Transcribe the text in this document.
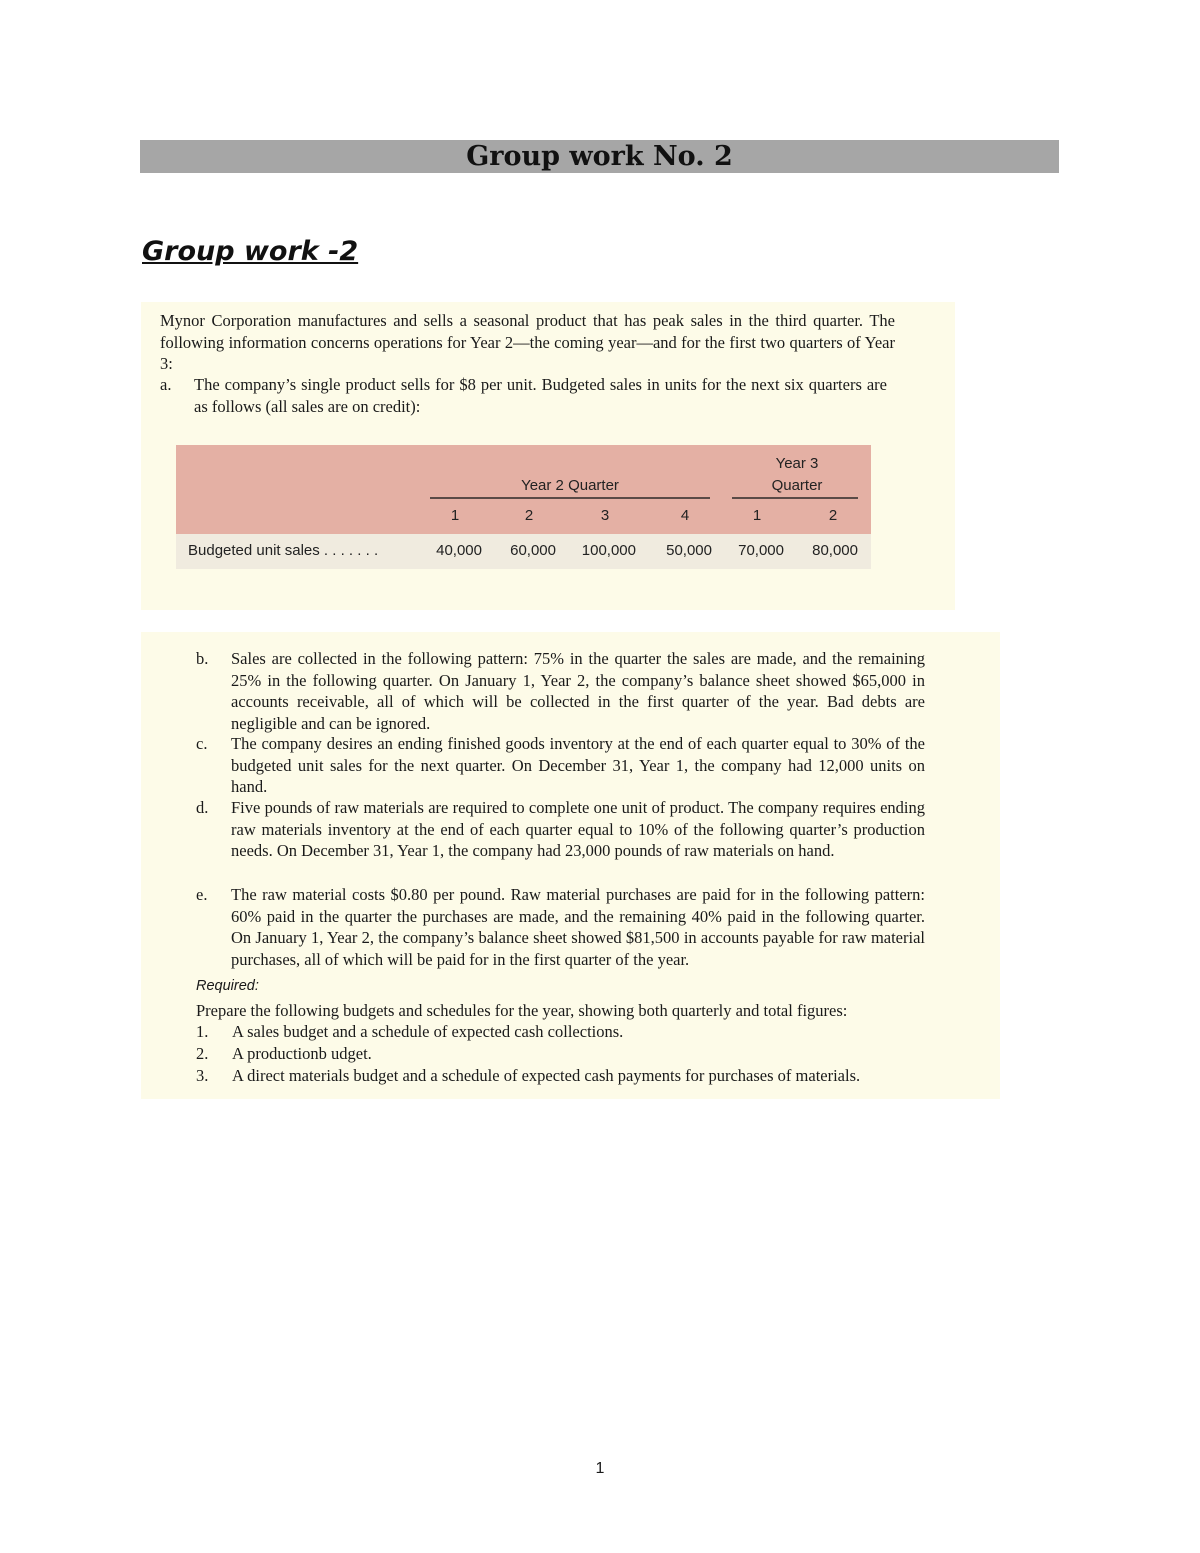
Group work No. 2
Group work -2
Mynor Corporation manufactures and sells a seasonal product that has peak sales in the third quarter. The following information concerns operations for Year 2—the coming year—and for the first two quarters of Year 3:
a. The company’s single product sells for $8 per unit. Budgeted sales in units for the next six quarters are as follows (all sales are on credit):
Year 3
Quarter
Year 2 Quarter
1	2	3	4	1	2
Budgeted unit sales . . . . . . .	40,000	60,000	100,000	50,000	70,000	80,000
b. Sales are collected in the following pattern: 75% in the quarter the sales are made, and the remaining 25% in the following quarter. On January 1, Year 2, the company’s balance sheet showed $65,000 in accounts receivable, all of which will be collected in the first quarter of the year. Bad debts are negligible and can be ignored.
c. The company desires an ending finished goods inventory at the end of each quarter equal to 30% of the budgeted unit sales for the next quarter. On December 31, Year 1, the company had 12,000 units on hand.
d. Five pounds of raw materials are required to complete one unit of product. The company requires ending raw materials inventory at the end of each quarter equal to 10% of the following quarter’s production needs. On December 31, Year 1, the company had 23,000 pounds of raw materials on hand.
e. The raw material costs $0.80 per pound. Raw material purchases are paid for in the following pattern: 60% paid in the quarter the purchases are made, and the remaining 40% paid in the following quarter. On January 1, Year 2, the company’s balance sheet showed $81,500 in accounts payable for raw material purchases, all of which will be paid for in the first quarter of the year.
Required:
Prepare the following budgets and schedules for the year, showing both quarterly and total figures:
1. A sales budget and a schedule of expected cash collections.
2. A productionb udget.
3. A direct materials budget and a schedule of expected cash payments for purchases of materials.
1
